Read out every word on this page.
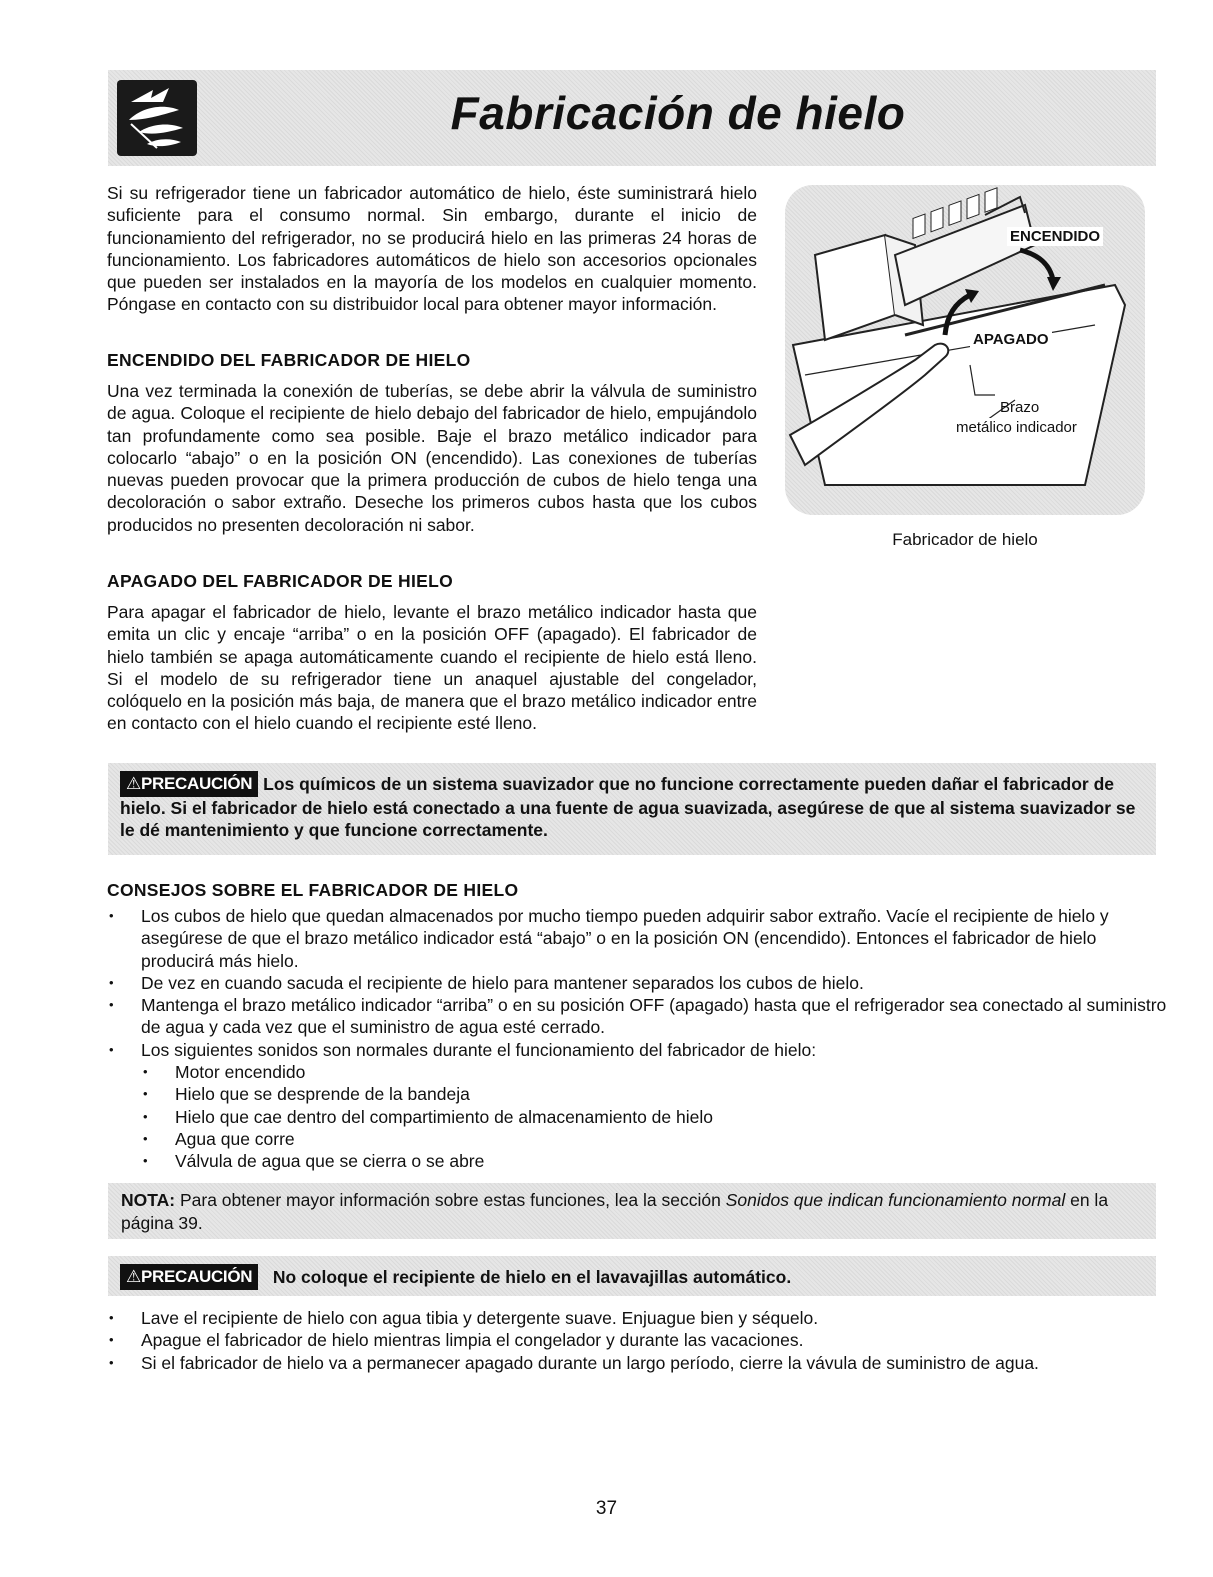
Fabricación de hielo

Si su refrigerador tiene un fabricador automático de hielo, éste suministrará hielo suficiente para el consumo normal. Sin embargo, durante el inicio de funcionamiento del refrigerador, no se producirá hielo en las primeras 24 horas de funcionamiento. Los fabricadores automáticos de hielo son accesorios opcionales que pueden ser instalados en la mayoría de los modelos en cualquier momento. Póngase en contacto con su distribuidor local para obtener mayor información.

ENCENDIDO DEL FABRICADOR DE HIELO

Una vez terminada la conexión de tuberías, se debe abrir la válvula de suministro de agua. Coloque el recipiente de hielo debajo del fabricador de hielo, empujándolo tan profundamente como sea posible. Baje el brazo metálico indicador para colocarlo “abajo” o en la posición ON (encendido). Las conexiones de tuberías nuevas pueden provocar que la primera producción de cubos de hielo tenga una decoloración o sabor extraño. Deseche los primeros cubos hasta que los cubos producidos no presenten decoloración ni sabor.

APAGADO DEL FABRICADOR DE HIELO

Para apagar el fabricador de hielo, levante el brazo metálico indicador hasta que emita un clic y encaje “arriba” o en la posición OFF (apagado). El fabricador de hielo también se apaga automáticamente cuando el recipiente de hielo está lleno. Si el modelo de su refrigerador tiene un anaquel ajustable del congelador, colóquelo en la posición más baja, de manera que el brazo metálico indicador entre en contacto con el hielo cuando el recipiente esté lleno.

ENCENDIDO
APAGADO
Brazo
metálico indicador

Fabricador de hielo

⚠PRECAUCIÓN Los químicos de un sistema suavizador que no funcione correctamente pueden dañar el fabricador de hielo. Si el fabricador de hielo está conectado a una fuente de agua suavizada, asegúrese de que al sistema suavizador se le dé mantenimiento y que funcione correctamente.
CONSEJOS SOBRE EL FABRICADOR DE HIELO
• Los cubos de hielo que quedan almacenados por mucho tiempo pueden adquirir sabor extraño. Vacíe el recipiente de hielo y asegúrese de que el brazo metálico indicador está “abajo” o en la posición ON (encendido). Entonces el fabricador de hielo producirá más hielo.
• De vez en cuando sacuda el recipiente de hielo para mantener separados los cubos de hielo.
• Mantenga el brazo metálico indicador “arriba” o en su posición OFF (apagado) hasta que el refrigerador sea conectado al suministro de agua y cada vez que el suministro de agua esté cerrado.
• Los siguientes sonidos son normales durante el funcionamiento del fabricador de hielo:
• Motor encendido
• Hielo que se desprende de la bandeja
• Hielo que cae dentro del compartimiento de almacenamiento de hielo
• Agua que corre
• Válvula de agua que se cierra o se abre

NOTA: Para obtener mayor información sobre estas funciones, lea la sección Sonidos que indican funcionamiento normal en la página 39.

⚠PRECAUCIÓN No coloque el recipiente de hielo en el lavavajillas automático.
• Lave el recipiente de hielo con agua tibia y detergente suave. Enjuague bien y séquelo.
• Apague el fabricador de hielo mientras limpia el congelador y durante las vacaciones.
• Si el fabricador de hielo va a permanecer apagado durante un largo período, cierre la vávula de suministro de agua.

37
